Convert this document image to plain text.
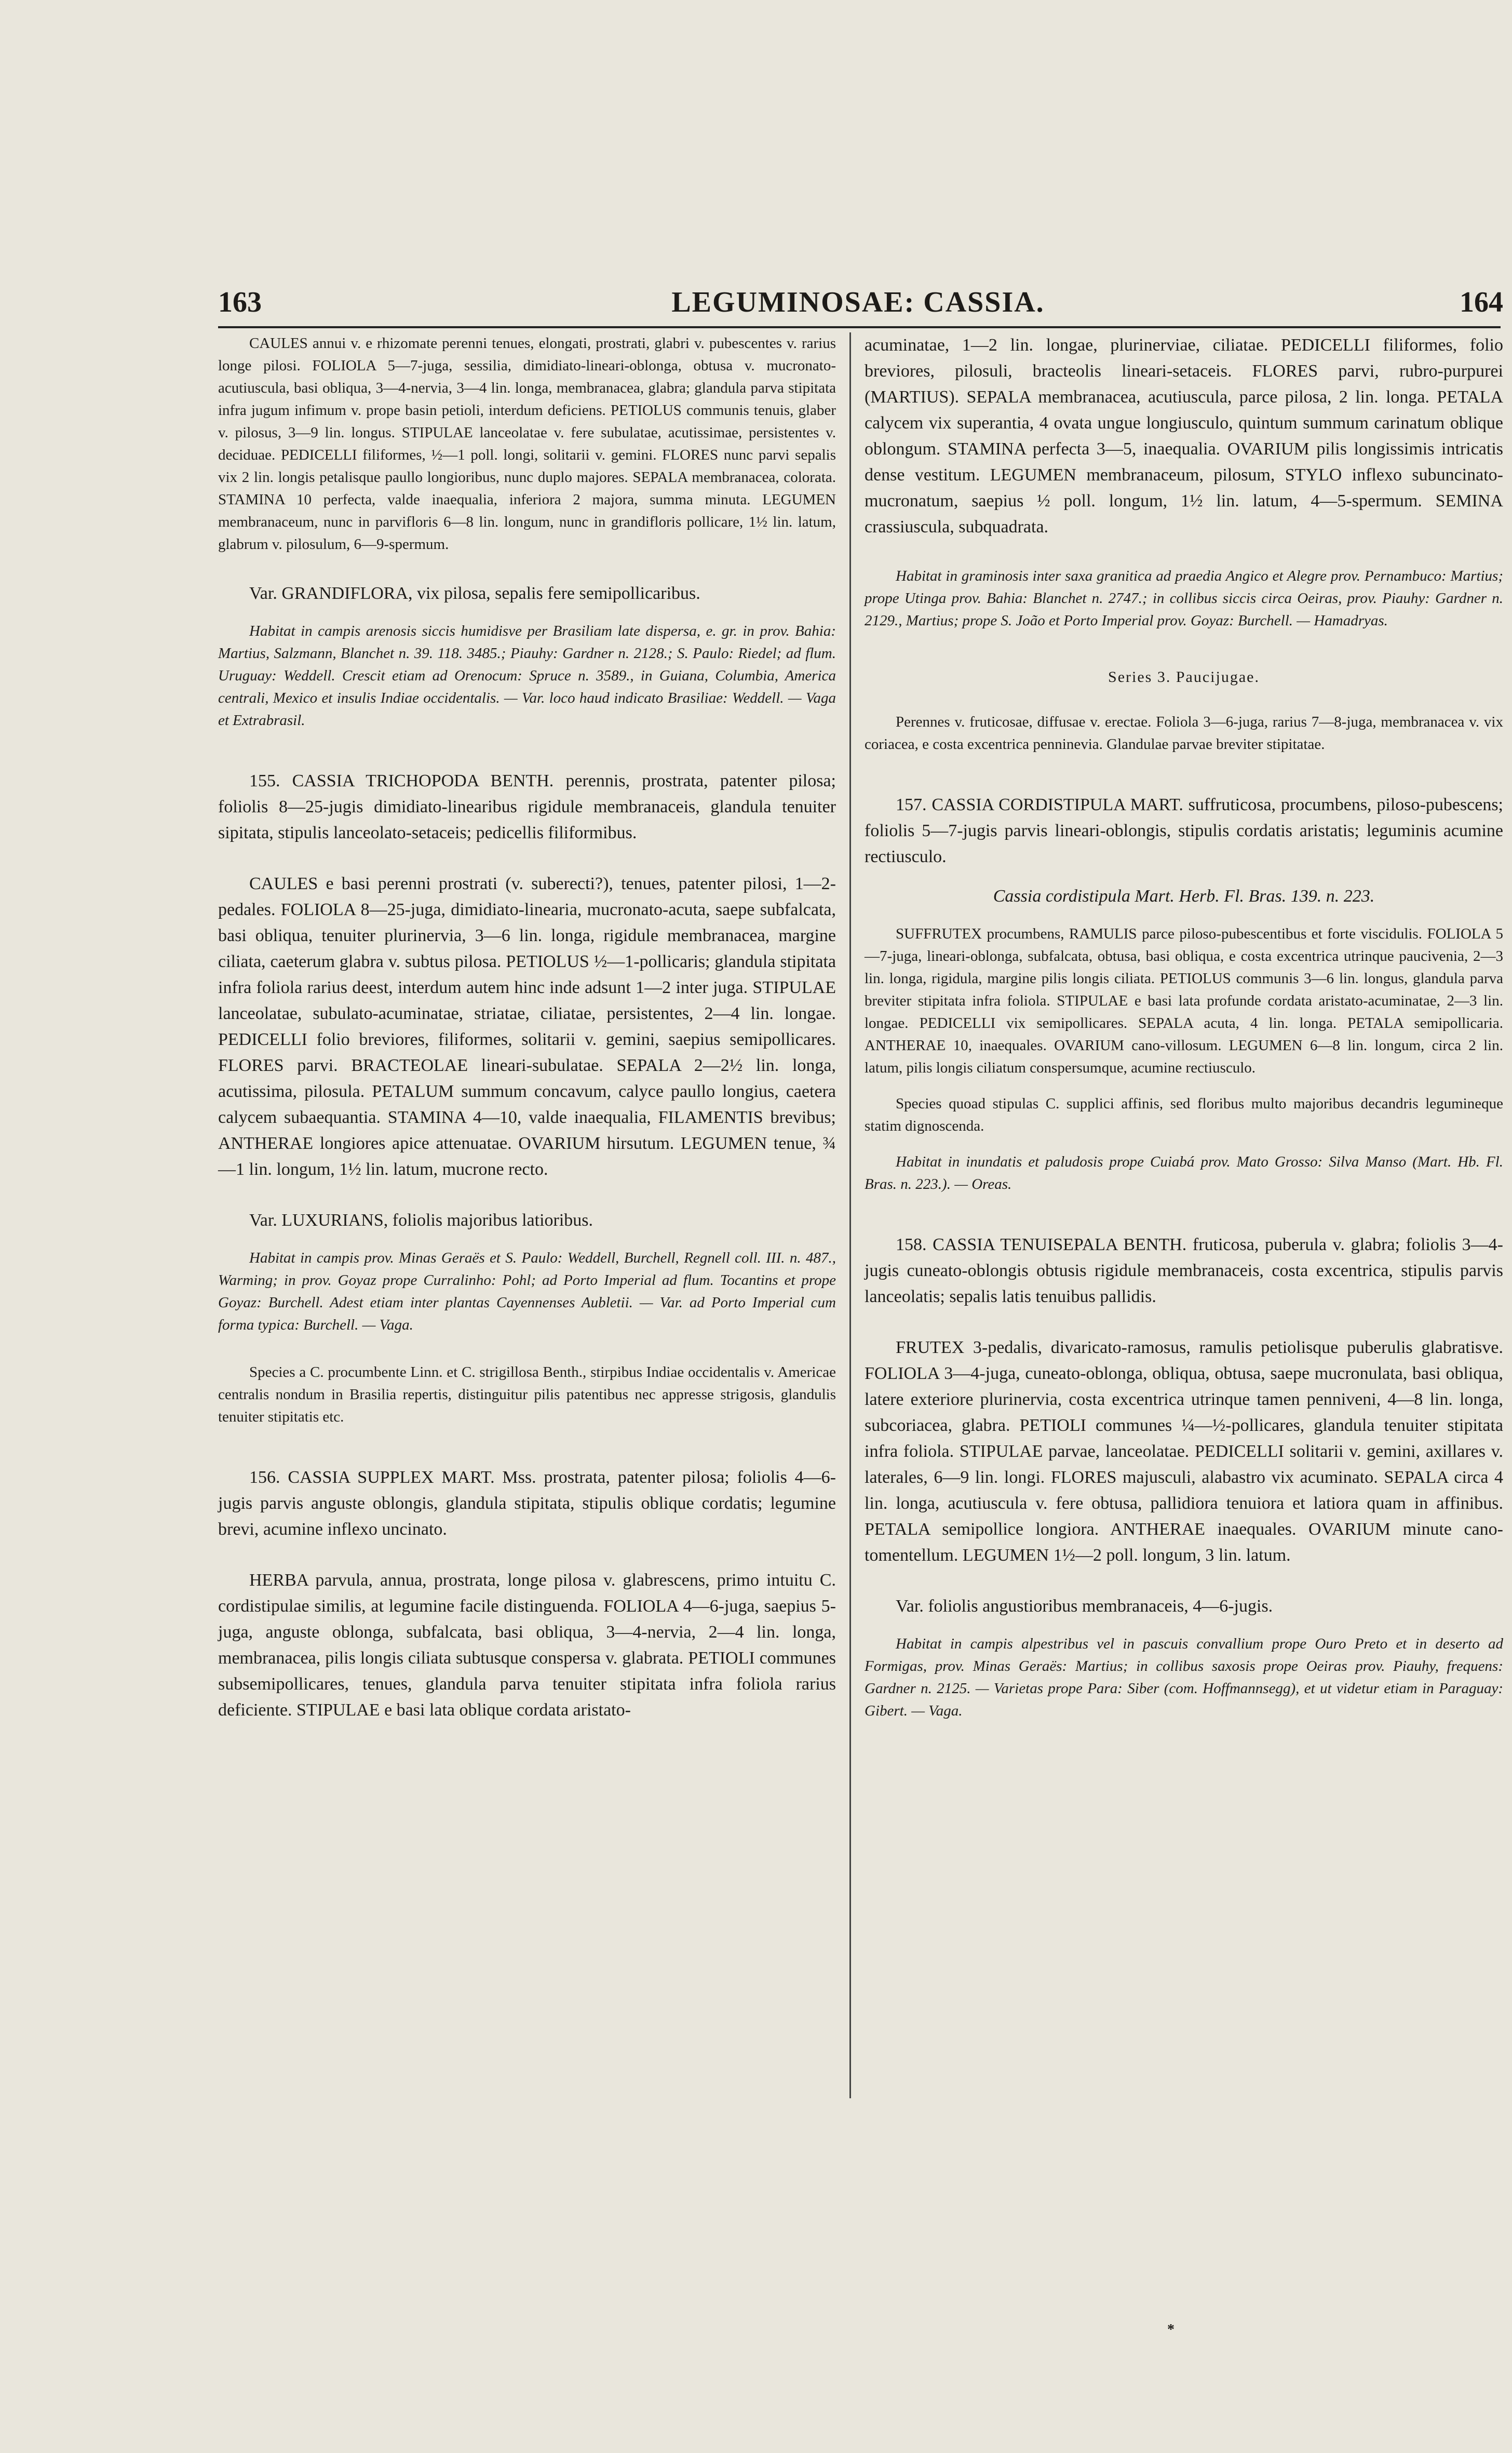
163	LEGUMINOSAE: CASSIA.	164

CAULES annui v. e rhizomate perenni tenues, elongati, prostrati, glabri v. pubescentes v. rarius longe pilosi. FOLIOLA 5—7-juga, sessilia, dimidiato-lineari-oblonga, obtusa v. mucronato-acutiuscula, basi obliqua, 3—4-nervia, 3—4 lin. longa, membranacea, glabra; glandula parva stipitata infra jugum infimum v. prope basin petioli, interdum deficiens. PETIOLUS communis tenuis, glaber v. pilosus, 3—9 lin. longus. STIPULAE lanceolatae v. fere subulatae, acutissimae, persistentes v. deciduae. PEDICELLI filiformes, ½—1 poll. longi, solitarii v. gemini. FLORES nunc parvi sepalis vix 2 lin. longis petalisque paullo longioribus, nunc duplo majores. SEPALA membranacea, colorata. STAMINA 10 perfecta, valde inaequalia, inferiora 2 majora, summa minuta. LEGUMEN membranaceum, nunc in parvifloris 6—8 lin. longum, nunc in grandifloris pollicare, 1½ lin. latum, glabrum v. pilosulum, 6—9-spermum.

Var. GRANDIFLORA, vix pilosa, sepalis fere semipollicaribus.

Habitat in campis arenosis siccis humidisve per Brasiliam late dispersa, e. gr. in prov. Bahia: Martius, Salzmann, Blanchet n. 39. 118. 3485.; Piauhy: Gardner n. 2128.; S. Paulo: Riedel; ad flum. Uruguay: Weddell. Crescit etiam ad Orenocum: Spruce n. 3589., in Guiana, Columbia, America centrali, Mexico et insulis Indiae occidentalis. — Var. loco haud indicato Brasiliae: Weddell. — Vaga et Extrabrasil.

155. CASSIA TRICHOPODA BENTH. perennis, prostrata, patenter pilosa; foliolis 8—25-jugis dimidiato-linearibus rigidule membranaceis, glandula tenuiter sipitata, stipulis lanceolato-setaceis; pedicellis filiformibus.

CAULES e basi perenni prostrati (v. suberecti?), tenues, patenter pilosi, 1—2-pedales. FOLIOLA 8—25-juga, dimidiato-linearia, mucronato-acuta, saepe subfalcata, basi obliqua, tenuiter plurinervia, 3—6 lin. longa, rigidule membranacea, margine ciliata, caeterum glabra v. subtus pilosa. PETIOLUS ½—1-pollicaris; glandula stipitata infra foliola rarius deest, interdum autem hinc inde adsunt 1—2 inter juga. STIPULAE lanceolatae, subulato-acuminatae, striatae, ciliatae, persistentes, 2—4 lin. longae. PEDICELLI folio breviores, filiformes, solitarii v. gemini, saepius semipollicares. FLORES parvi. BRACTEOLAE lineari-subulatae. SEPALA 2—2½ lin. longa, acutissima, pilosula. PETALUM summum concavum, calyce paullo longius, caetera calycem subaequantia. STAMINA 4—10, valde inaequalia, FILAMENTIS brevibus; ANTHERAE longiores apice attenuatae. OVARIUM hirsutum. LEGUMEN tenue, ¾—1 lin. longum, 1½ lin. latum, mucrone recto.

Var. LUXURIANS, foliolis majoribus latioribus.

Habitat in campis prov. Minas Geraës et S. Paulo: Weddell, Burchell, Regnell coll. III. n. 487., Warming; in prov. Goyaz prope Curralinho: Pohl; ad Porto Imperial ad flum. Tocantins et prope Goyaz: Burchell. Adest etiam inter plantas Cayennenses Aubletii. — Var. ad Porto Imperial cum forma typica: Burchell. — Vaga.

Species a C. procumbente Linn. et C. strigillosa Benth., stirpibus Indiae occidentalis v. Americae centralis nondum in Brasilia repertis, distinguitur pilis patentibus nec appresse strigosis, glandulis tenuiter stipitatis etc.

156. CASSIA SUPPLEX MART. Mss. prostrata, patenter pilosa; foliolis 4—6-jugis parvis anguste oblongis, glandula stipitata, stipulis oblique cordatis; legumine brevi, acumine inflexo uncinato.

HERBA parvula, annua, prostrata, longe pilosa v. glabrescens, primo intuitu C. cordistipulae similis, at legumine facile distinguenda. FOLIOLA 4—6-juga, saepius 5-juga, anguste oblonga, subfalcata, basi obliqua, 3—4-nervia, 2—4 lin. longa, membranacea, pilis longis ciliata subtusque conspersa v. glabrata. PETIOLI communes subsemipollicares, tenues, glandula parva tenuiter stipitata infra foliola rarius deficiente. STIPULAE e basi lata oblique cordata aristato-

acuminatae, 1—2 lin. longae, plurinerviae, ciliatae. PEDICELLI filiformes, folio breviores, pilosuli, bracteolis lineari-setaceis. FLORES parvi, rubro-purpurei (MARTIUS). SEPALA membranacea, acutiuscula, parce pilosa, 2 lin. longa. PETALA calycem vix superantia, 4 ovata ungue longiusculo, quintum summum carinatum oblique oblongum. STAMINA perfecta 3—5, inaequalia. OVARIUM pilis longissimis intricatis dense vestitum. LEGUMEN membranaceum, pilosum, STYLO inflexo subuncinato-mucronatum, saepius ½ poll. longum, 1½ lin. latum, 4—5-spermum. SEMINA crassiuscula, subquadrata.

Habitat in graminosis inter saxa granitica ad praedia Angico et Alegre prov. Pernambuco: Martius; prope Utinga prov. Bahia: Blanchet n. 2747.; in collibus siccis circa Oeiras, prov. Piauhy: Gardner n. 2129., Martius; prope S. João et Porto Imperial prov. Goyaz: Burchell. — Hamadryas.

Series 3. Paucijugae.

Perennes v. fruticosae, diffusae v. erectae. Foliola 3—6-juga, rarius 7—8-juga, membranacea v. vix coriacea, e costa excentrica penninevia. Glandulae parvae breviter stipitatae.

157. CASSIA CORDISTIPULA MART. suffruticosa, procumbens, piloso-pubescens; foliolis 5—7-jugis parvis lineari-oblongis, stipulis cordatis aristatis; leguminis acumine rectiusculo.

Cassia cordistipula Mart. Herb. Fl. Bras. 139. n. 223.

SUFFRUTEX procumbens, RAMULIS parce piloso-pubescentibus et forte viscidulis. FOLIOLA 5—7-juga, lineari-oblonga, subfalcata, obtusa, basi obliqua, e costa excentrica utrinque paucivenia, 2—3 lin. longa, rigidula, margine pilis longis ciliata. PETIOLUS communis 3—6 lin. longus, glandula parva breviter stipitata infra foliola. STIPULAE e basi lata profunde cordata aristato-acuminatae, 2—3 lin. longae. PEDICELLI vix semipollicares. SEPALA acuta, 4 lin. longa. PETALA semipollicaria. ANTHERAE 10, inaequales. OVARIUM cano-villosum. LEGUMEN 6—8 lin. longum, circa 2 lin. latum, pilis longis ciliatum conspersumque, acumine rectiusculo.

Species quoad stipulas C. supplici affinis, sed floribus multo majoribus decandris legumineque statim dignoscenda.

Habitat in inundatis et paludosis prope Cuiabá prov. Mato Grosso: Silva Manso (Mart. Hb. Fl. Bras. n. 223.). — Oreas.

158. CASSIA TENUISEPALA BENTH. fruticosa, puberula v. glabra; foliolis 3—4-jugis cuneato-oblongis obtusis rigidule membranaceis, costa excentrica, stipulis parvis lanceolatis; sepalis latis tenuibus pallidis.

FRUTEX 3-pedalis, divaricato-ramosus, ramulis petiolisque puberulis glabratisve. FOLIOLA 3—4-juga, cuneato-oblonga, obliqua, obtusa, saepe mucronulata, basi obliqua, latere exteriore plurinervia, costa excentrica utrinque tamen penniveni, 4—8 lin. longa, subcoriacea, glabra. PETIOLI communes ¼—½-pollicares, glandula tenuiter stipitata infra foliola. STIPULAE parvae, lanceolatae. PEDICELLI solitarii v. gemini, axillares v. laterales, 6—9 lin. longi. FLORES majusculi, alabastro vix acuminato. SEPALA circa 4 lin. longa, acutiuscula v. fere obtusa, pallidiora tenuiora et latiora quam in affinibus. PETALA semipollice longiora. ANTHERAE inaequales. OVARIUM minute cano-tomentellum. LEGUMEN 1½—2 poll. longum, 3 lin. latum.

Var. foliolis angustioribus membranaceis, 4—6-jugis.

Habitat in campis alpestribus vel in pascuis convallium prope Ouro Preto et in deserto ad Formigas, prov. Minas Geraës: Martius; in collibus saxosis prope Oeiras prov. Piauhy, frequens: Gardner n. 2125. — Varietas prope Para: Siber (com. Hoffmannsegg), et ut videtur etiam in Paraguay: Gibert. — Vaga.

*
